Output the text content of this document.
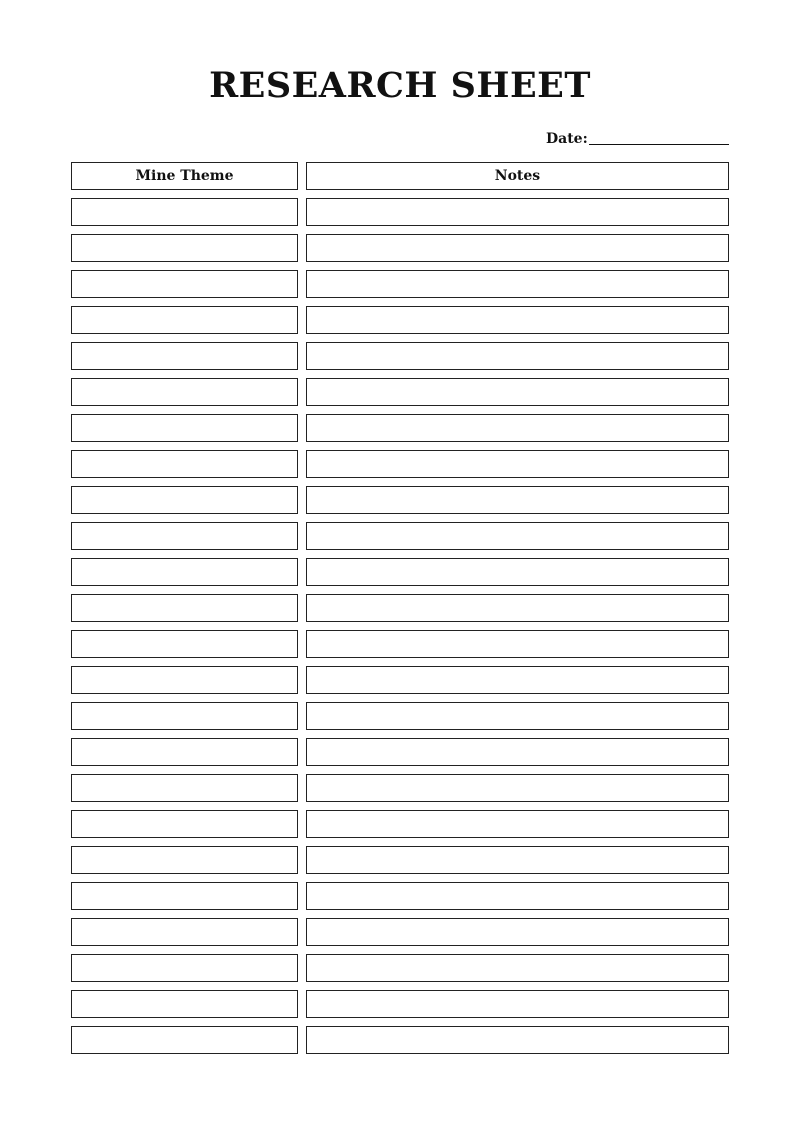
RESEARCH SHEET
Date:
Mine Theme	Notes
